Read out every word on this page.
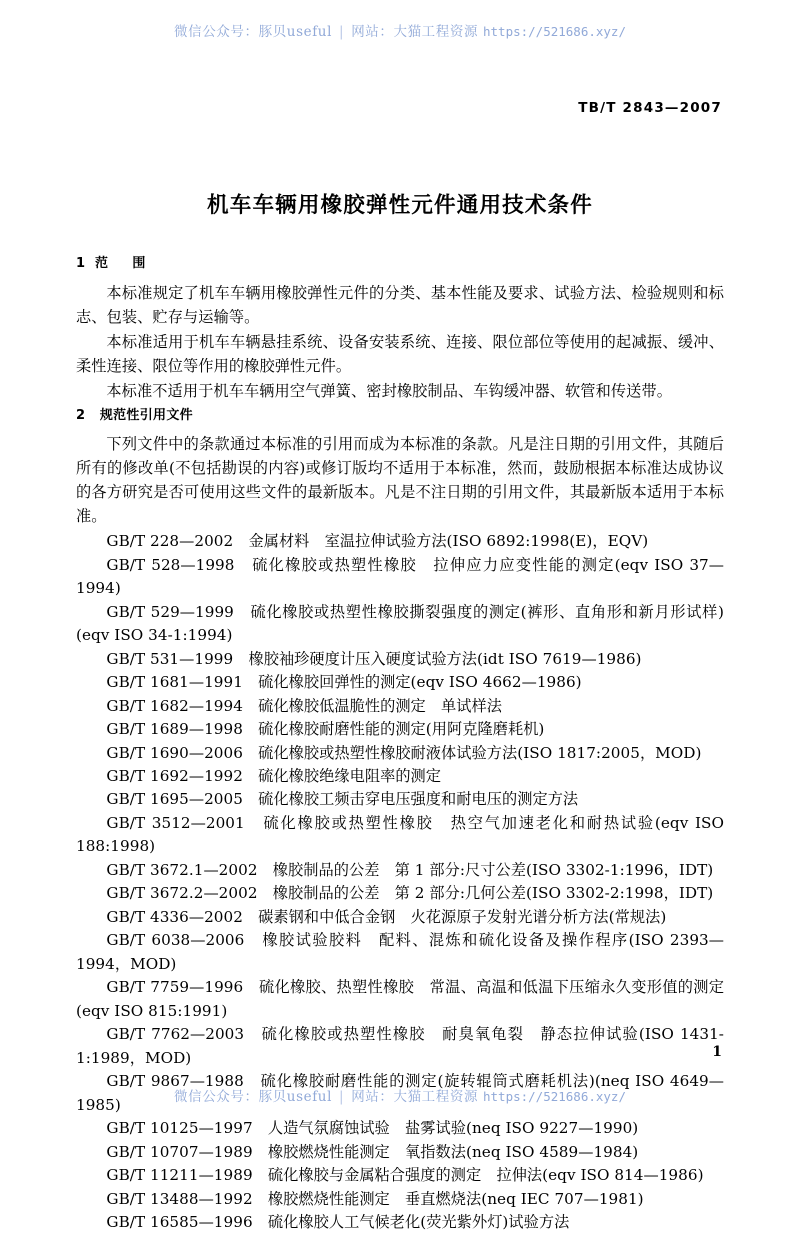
微信公众号：豚贝useful | 网站：大猫工程资源 https://521686.xyz/
TB/T 2843—2007
机车车辆用橡胶弹性元件通用技术条件
1  范     围

本标准规定了机车车辆用橡胶弹性元件的分类、基本性能及要求、试验方法、检验规则和标志、包装、贮存与运输等。

本标准适用于机车车辆悬挂系统、设备安装系统、连接、限位部位等使用的起减振、缓冲、柔性连接、限位等作用的橡胶弹性元件。

本标准不适用于机车车辆用空气弹簧、密封橡胶制品、车钩缓冲器、软管和传送带。

2   规范性引用文件

下列文件中的条款通过本标准的引用而成为本标准的条款。凡是注日期的引用文件，其随后所有的修改单(不包括勘误的内容)或修订版均不适用于本标准，然而，鼓励根据本标准达成协议的各方研究是否可使用这些文件的最新版本。凡是不注日期的引用文件，其最新版本适用于本标准。

GB/T 228—2002　金属材料　室温拉伸试验方法(ISO 6892:1998(E)，EQV)

GB/T 528—1998　硫化橡胶或热塑性橡胶　拉伸应力应变性能的测定(eqv ISO 37—1994)

GB/T 529—1999　硫化橡胶或热塑性橡胶撕裂强度的测定(裤形、直角形和新月形试样)(eqv ISO 34-1:1994)

GB/T 531—1999　橡胶袖珍硬度计压入硬度试验方法(idt ISO 7619—1986)

GB/T 1681—1991　硫化橡胶回弹性的测定(eqv ISO 4662—1986)

GB/T 1682—1994　硫化橡胶低温脆性的测定　单试样法

GB/T 1689—1998　硫化橡胶耐磨性能的测定(用阿克隆磨耗机)

GB/T 1690—2006　硫化橡胶或热塑性橡胶耐液体试验方法(ISO 1817:2005，MOD)

GB/T 1692—1992　硫化橡胶绝缘电阻率的测定

GB/T 1695—2005　硫化橡胶工频击穿电压强度和耐电压的测定方法

GB/T 3512—2001　硫化橡胶或热塑性橡胶　热空气加速老化和耐热试验(eqv ISO 188:1998)

GB/T 3672.1—2002　橡胶制品的公差　第 1 部分:尺寸公差(ISO 3302-1:1996，IDT)

GB/T 3672.2—2002　橡胶制品的公差　第 2 部分:几何公差(ISO 3302-2:1998，IDT)

GB/T 4336—2002　碳素钢和中低合金钢　火花源原子发射光谱分析方法(常规法)

GB/T 6038—2006　橡胶试验胶料　配料、混炼和硫化设备及操作程序(ISO 2393—1994，MOD)

GB/T 7759—1996　硫化橡胶、热塑性橡胶　常温、高温和低温下压缩永久变形值的测定(eqv ISO 815:1991)

GB/T 7762—2003　硫化橡胶或热塑性橡胶　耐臭氧龟裂　静态拉伸试验(ISO 1431-1:1989，MOD)

GB/T 9867—1988　硫化橡胶耐磨性能的测定(旋转辊筒式磨耗机法)(neq ISO 4649—1985)

GB/T 10125—1997　人造气氛腐蚀试验　盐雾试验(neq ISO 9227—1990)

GB/T 10707—1989　橡胶燃烧性能测定　氧指数法(neq ISO 4589—1984)

GB/T 11211—1989　硫化橡胶与金属粘合强度的测定　拉伸法(eqv ISO 814—1986)

GB/T 13488—1992　橡胶燃烧性能测定　垂直燃烧法(neq IEC 707—1981)

GB/T 16585—1996　硫化橡胶人工气候老化(荧光紫外灯)试验方法

1
微信公众号：豚贝useful | 网站：大猫工程资源 https://521686.xyz/
